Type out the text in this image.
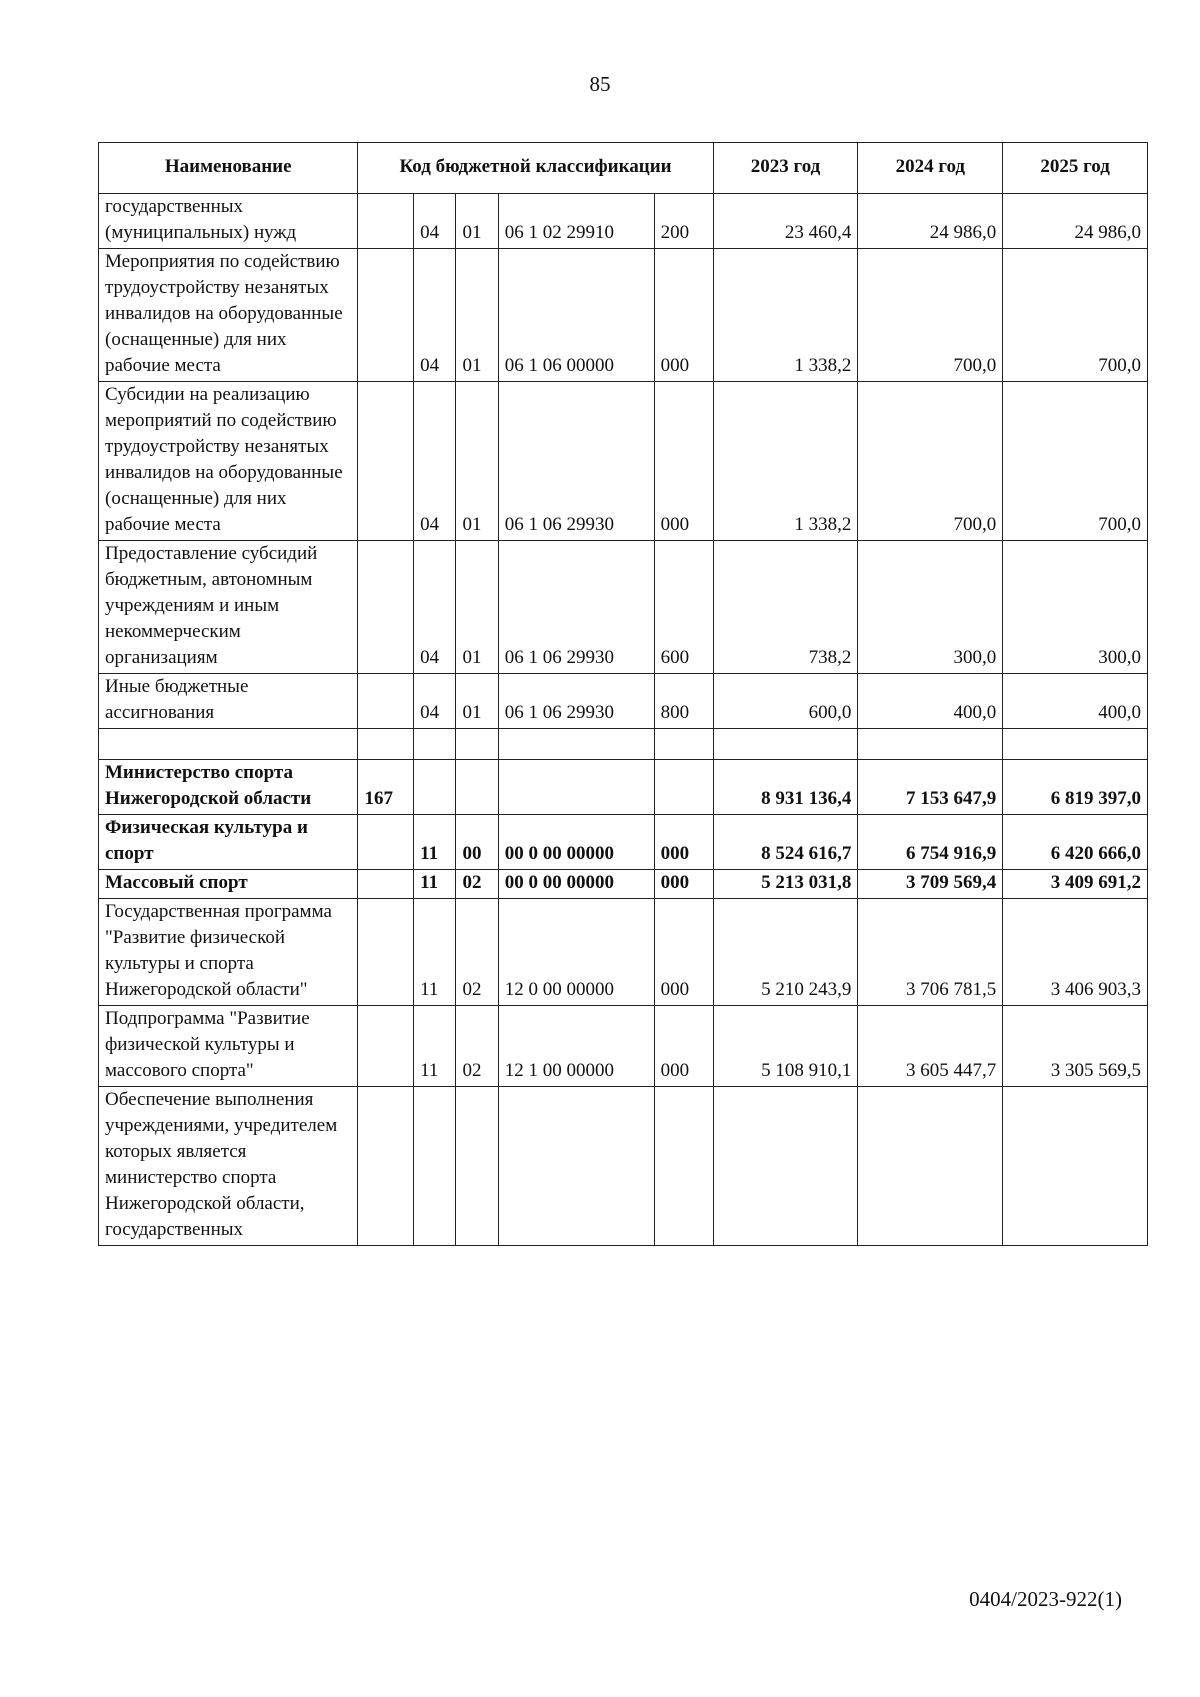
85
Наименование	Код бюджетной классификации					2023 год	2024 год	2025 год
государственных (муниципальных) нужд		04	01	06 1 02 29910	200	23 460,4	24 986,0	24 986,0
Мероприятия по содействию трудоустройству незанятых инвалидов на оборудованные (оснащенные) для них рабочие места		04	01	06 1 06 00000	000	1 338,2	700,0	700,0
Субсидии на реализацию мероприятий по содействию трудоустройству незанятых инвалидов на оборудованные (оснащенные) для них рабочие места		04	01	06 1 06 29930	000	1 338,2	700,0	700,0
Предоставление субсидий бюджетным, автономным учреждениям и иным некоммерческим организациям		04	01	06 1 06 29930	600	738,2	300,0	300,0
Иные бюджетные ассигнования		04	01	06 1 06 29930	800	600,0	400,0	400,0

Министерство спорта Нижегородской области	167					8 931 136,4	7 153 647,9	6 819 397,0
Физическая культура и спорт		11	00	00 0 00 00000	000	8 524 616,7	6 754 916,9	6 420 666,0
Массовый спорт		11	02	00 0 00 00000	000	5 213 031,8	3 709 569,4	3 409 691,2
Государственная программа "Развитие физической культуры и спорта Нижегородской области"		11	02	12 0 00 00000	000	5 210 243,9	3 706 781,5	3 406 903,3
Подпрограмма "Развитие физической культуры и массового спорта"		11	02	12 1 00 00000	000	5 108 910,1	3 605 447,7	3 305 569,5
Обеспечение выполнения учреждениями, учредителем которых является министерство спорта Нижегородской области, государственных								
0404/2023-922(1)
